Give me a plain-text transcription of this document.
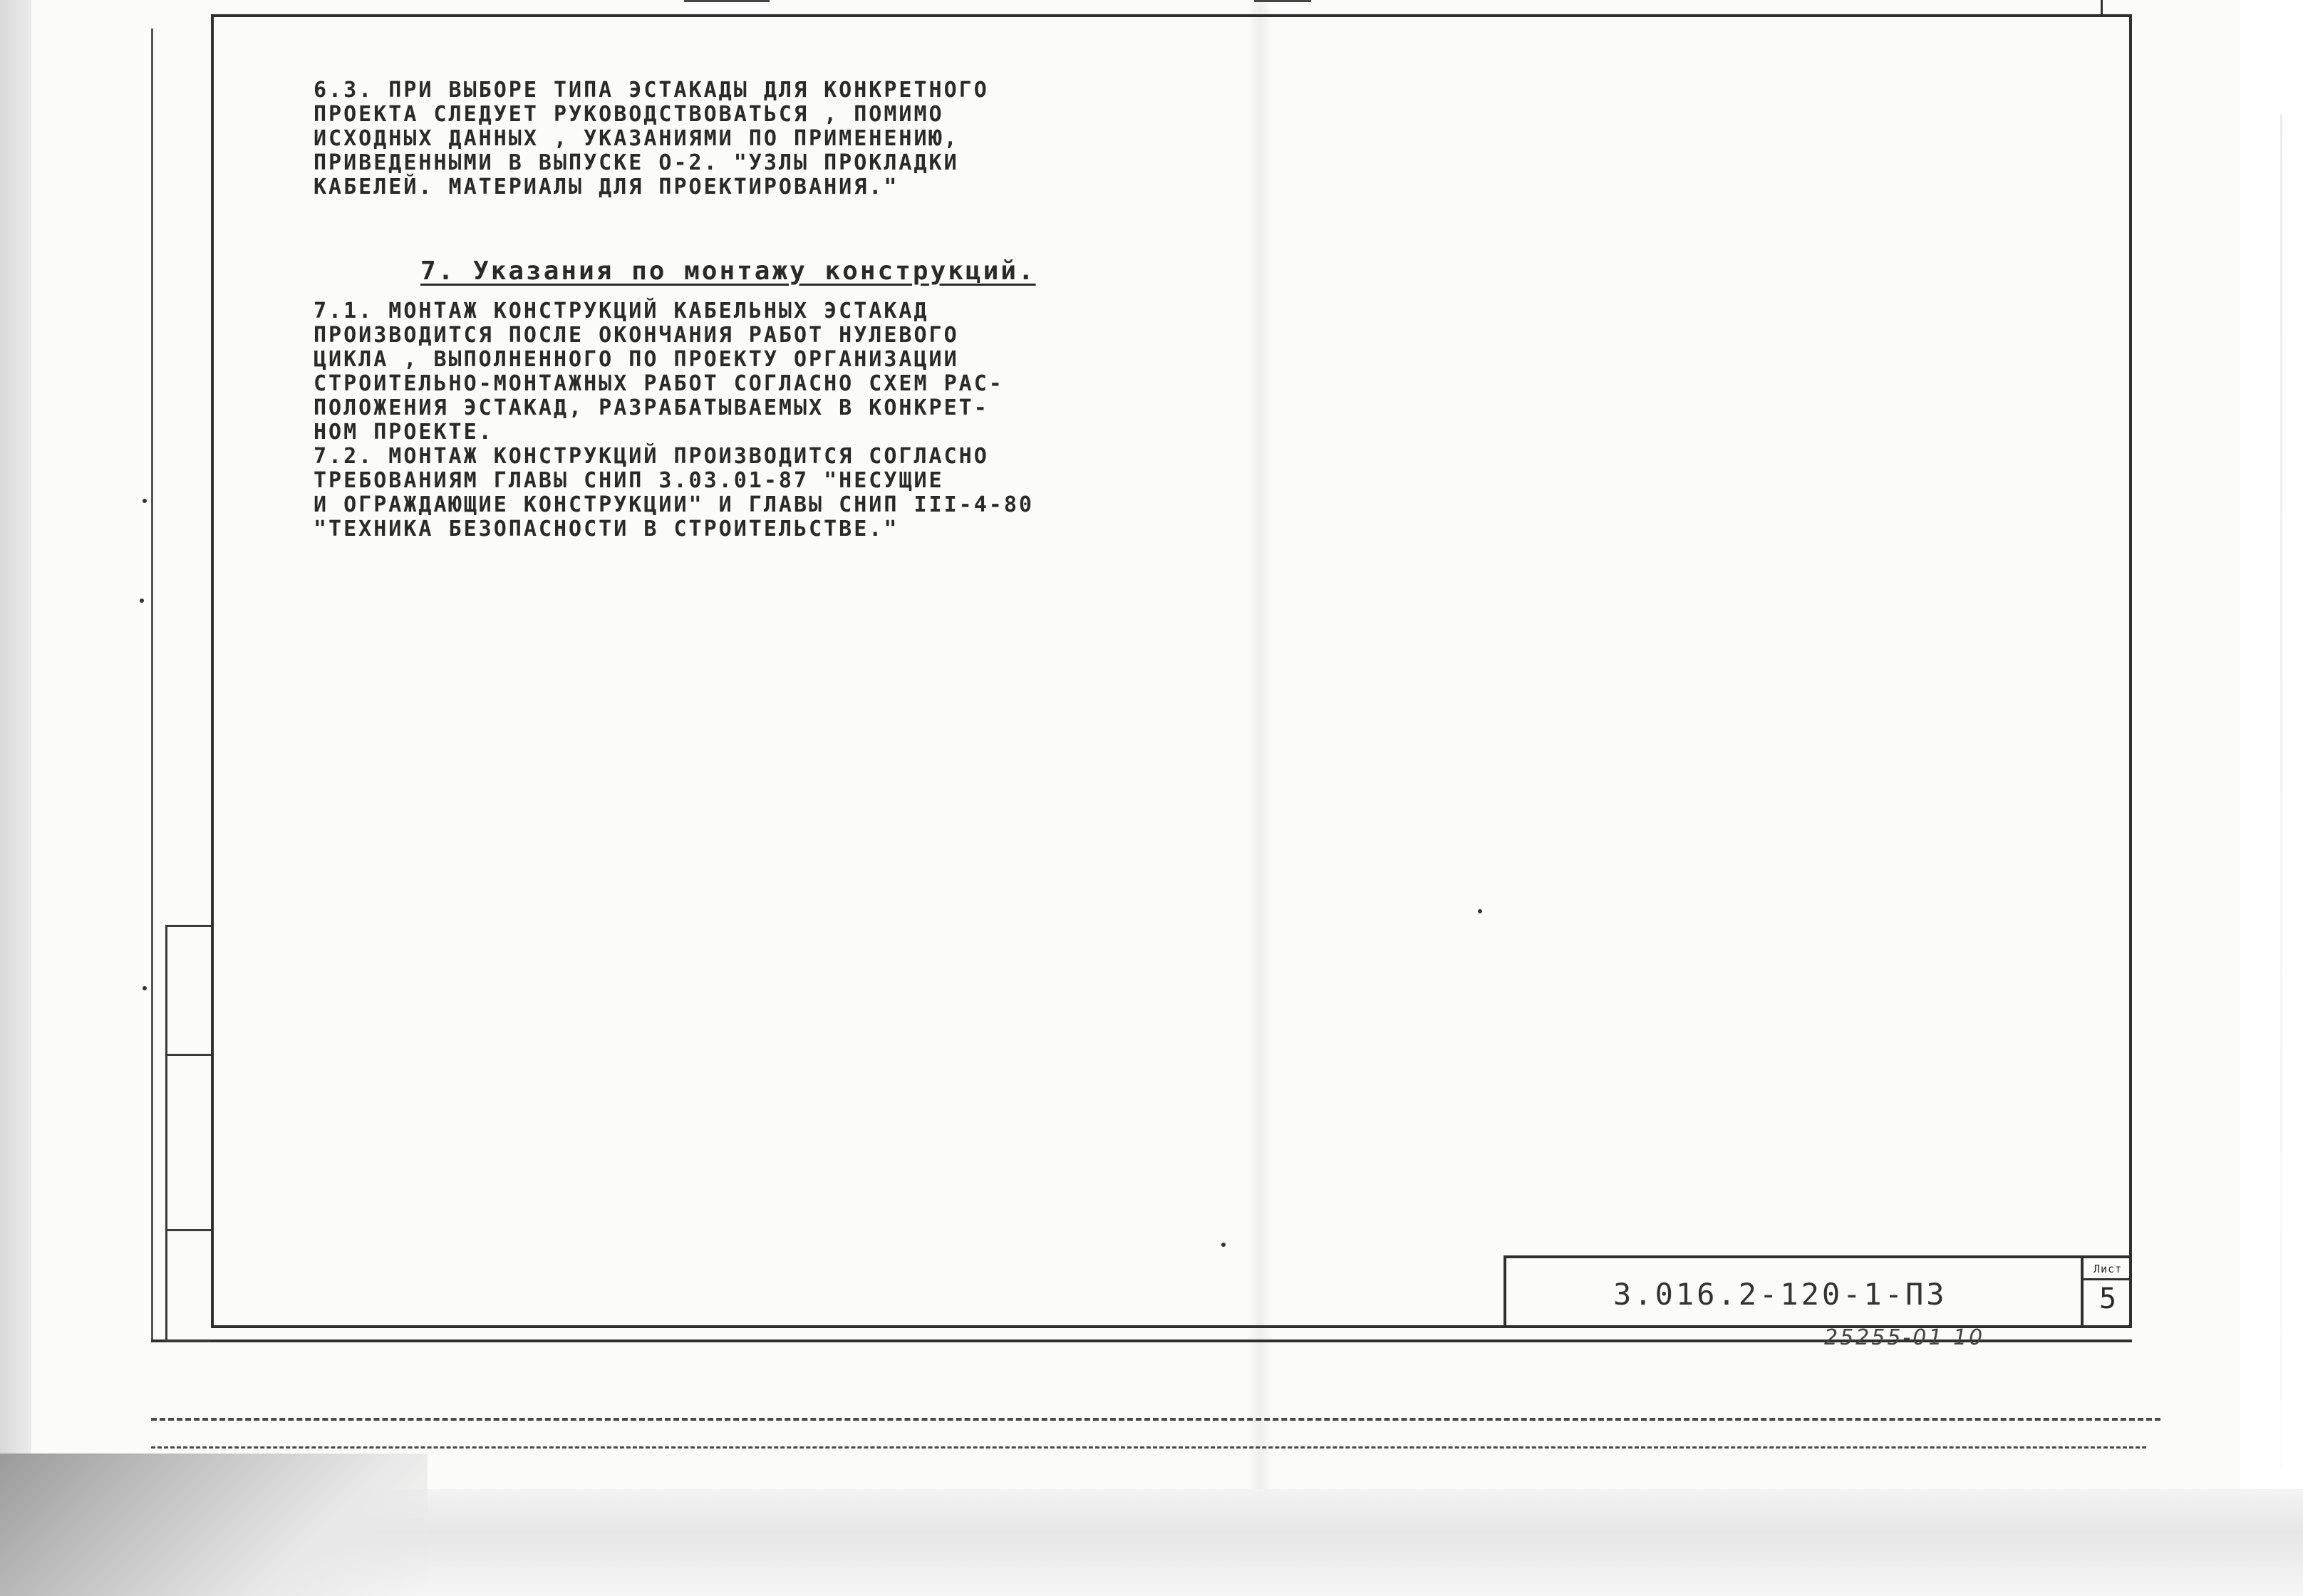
6.3. ПРИ ВЫБОРЕ ТИПА ЭСТАКАДЫ ДЛЯ КОНКРЕТНОГО
ПРОЕКТА СЛЕДУЕТ РУКОВОДСТВОВАТЬСЯ , ПОМИМО
ИСХОДНЫХ ДАННЫХ , УКАЗАНИЯМИ ПО ПРИМЕНЕНИЮ,
ПРИВЕДЕННЫМИ В ВЫПУСКЕ О-2. "УЗЛЫ ПРОКЛАДКИ
КАБЕЛЕЙ. МАТЕРИАЛЫ ДЛЯ ПРОЕКТИРОВАНИЯ."

7. Указания по монтажу конструкций.

7.1. МОНТАЖ КОНСТРУКЦИЙ КАБЕЛЬНЫХ ЭСТАКАД
ПРОИЗВОДИТСЯ ПОСЛЕ ОКОНЧАНИЯ РАБОТ НУЛЕВОГО
ЦИКЛА , ВЫПОЛНЕННОГО ПО ПРОЕКТУ ОРГАНИЗАЦИИ
СТРОИТЕЛЬНО-МОНТАЖНЫХ РАБОТ СОГЛАСНО СХЕМ РАС-
ПОЛОЖЕНИЯ ЭСТАКАД, РАЗРАБАТЫВАЕМЫХ В КОНКРЕТ-
НОМ ПРОЕКТЕ.

7.2. МОНТАЖ КОНСТРУКЦИЙ ПРОИЗВОДИТСЯ СОГЛАСНО
ТРЕБОВАНИЯМ ГЛАВЫ СНИП 3.03.01-87 "НЕСУЩИЕ
И ОГРАЖДАЮЩИЕ КОНСТРУКЦИИ" И ГЛАВЫ СНИП III-4-80
"ТЕХНИКА БЕЗОПАСНОСТИ В СТРОИТЕЛЬСТВЕ."

3.016.2-120-1-ПЗ
Лист
5
25255-01 10
